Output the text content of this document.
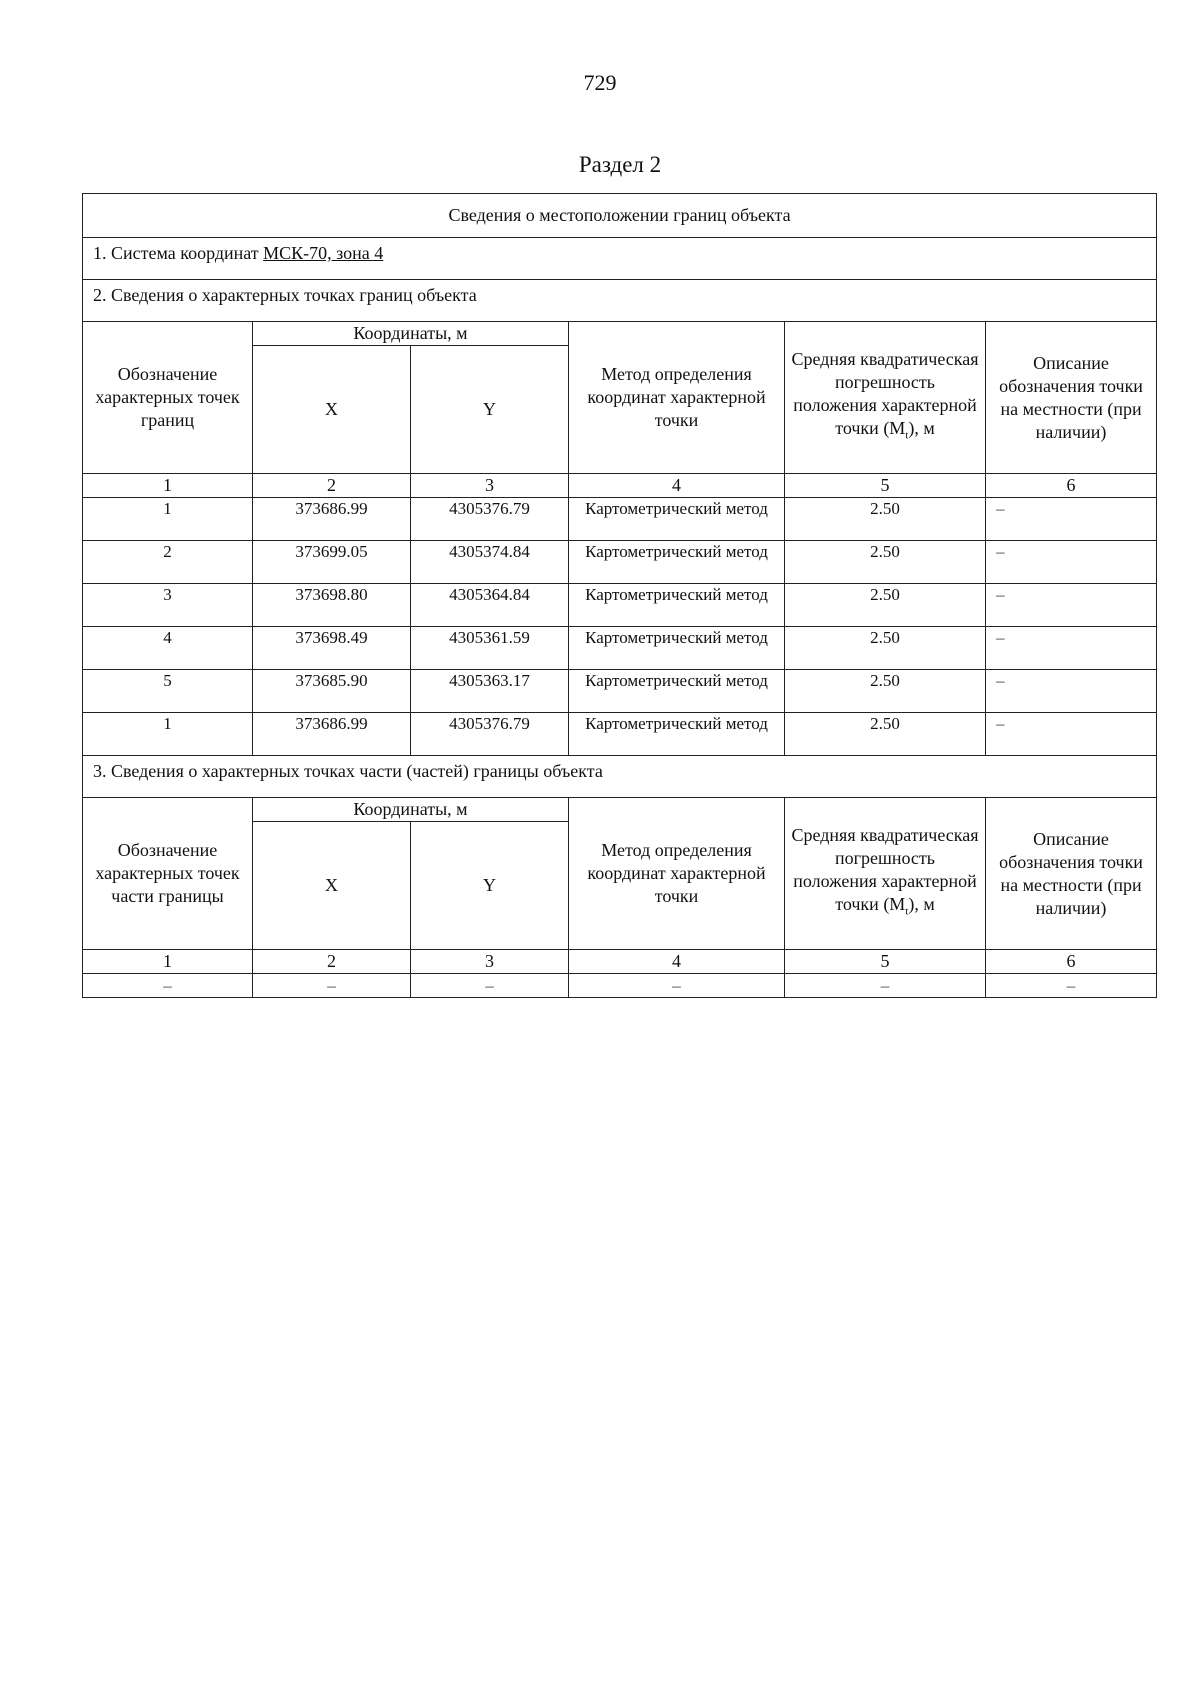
729
Раздел 2
Сведения о местоположении границ объекта					
1. Система координат МСК-70, зона 4					
2. Сведения о характерных точках границ объекта					
Обозначение характерных точек границ	Координаты, м		Метод определения координат характерной точки	Средняя квадратическая погрешность положения характерной точки $(M_t)$, м	Описание обозначения точки на местности (при наличии)
	X	Y			
1	2	3	4	5	6
1	373686.99	4305376.79	Картометрический метод	2.50	–
2	373699.05	4305374.84	Картометрический метод	2.50	–
3	373698.80	4305364.84	Картометрический метод	2.50	–
4	373698.49	4305361.59	Картометрический метод	2.50	–
5	373685.90	4305363.17	Картометрический метод	2.50	–
1	373686.99	4305376.79	Картометрический метод	2.50	–
3. Сведения о характерных точках части (частей) границы объекта					
Обозначение характерных точек части границы	Координаты, м		Метод определения координат характерной точки	Средняя квадратическая погрешность положения характерной точки $(M_t)$, м	Описание обозначения точки на местности (при наличии)
	X	Y			
1	2	3	4	5	6
–	–	–	–	–	–
